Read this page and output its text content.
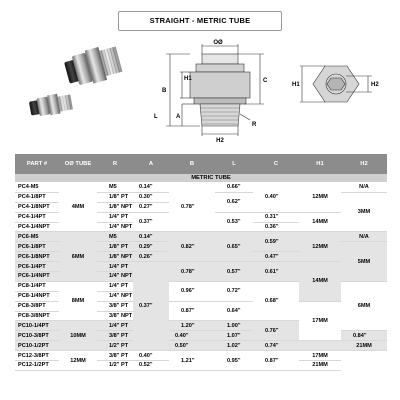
STRAIGHT - METRIC TUBE
OØ
B
H1	C
L	A
H2
R
H1	H2
PART #	OØ TUBE	R	A	B	L	C	H1	H2	
				METRIC TUBE					
PC4-M5	4MM	M5	0.14"	0.78"	0.66"	0.40"	12MM	N/A	
PC4-1/8PT		1/8" PT	0.30"		0.62"			3MM	
PC4-1/8NPT		1/8" NPT	0.27"						
PC4-1/4PT		1/4" PT	0.37"		0.53"	0.31"	14MM		
PC4-1/4NPT		1/4" NPT				0.36"			
PC6-M5	6MM	M5	0.14"	0.82"	0.65"	0.59"	12MM	N/A	
PC6-1/8PT		1/8" PT	0.29"					5MM	
PC6-1/8NPT		1/8" NPT	0.26"			0.47"			
PC6-1/4PT		1/4" PT	0.37"	0.78"	0.57"	0.61"	14MM		
PC6-1/4NPT		1/4" NPT							
PC8-1/4PT	8MM	1/4" PT		0.96"	0.72"	0.68"		6MM	
PC8-1/4NPT		1/4" NPT							
PC8-3/8PT		3/8" PT		0.87"	0.64"		17MM		
PC8-3/8NPT		3/8" NPT							
PC10-1/4PT	10MM	1/4" PT		1.20"	1.00"	0.76"			
PC10-3/8PT		3/8" PT		0.40"	1.07"			0.84"	
PC10-1/2PT		1/2" PT		0.50"	1.02"	0.74"		21MM	
PC12-3/8PT	12MM	3/8" PT	0.40"	1.21"	0.95"	0.87"	17MM		
PC12-1/2PT		1/2" PT	0.52"				21MM		
